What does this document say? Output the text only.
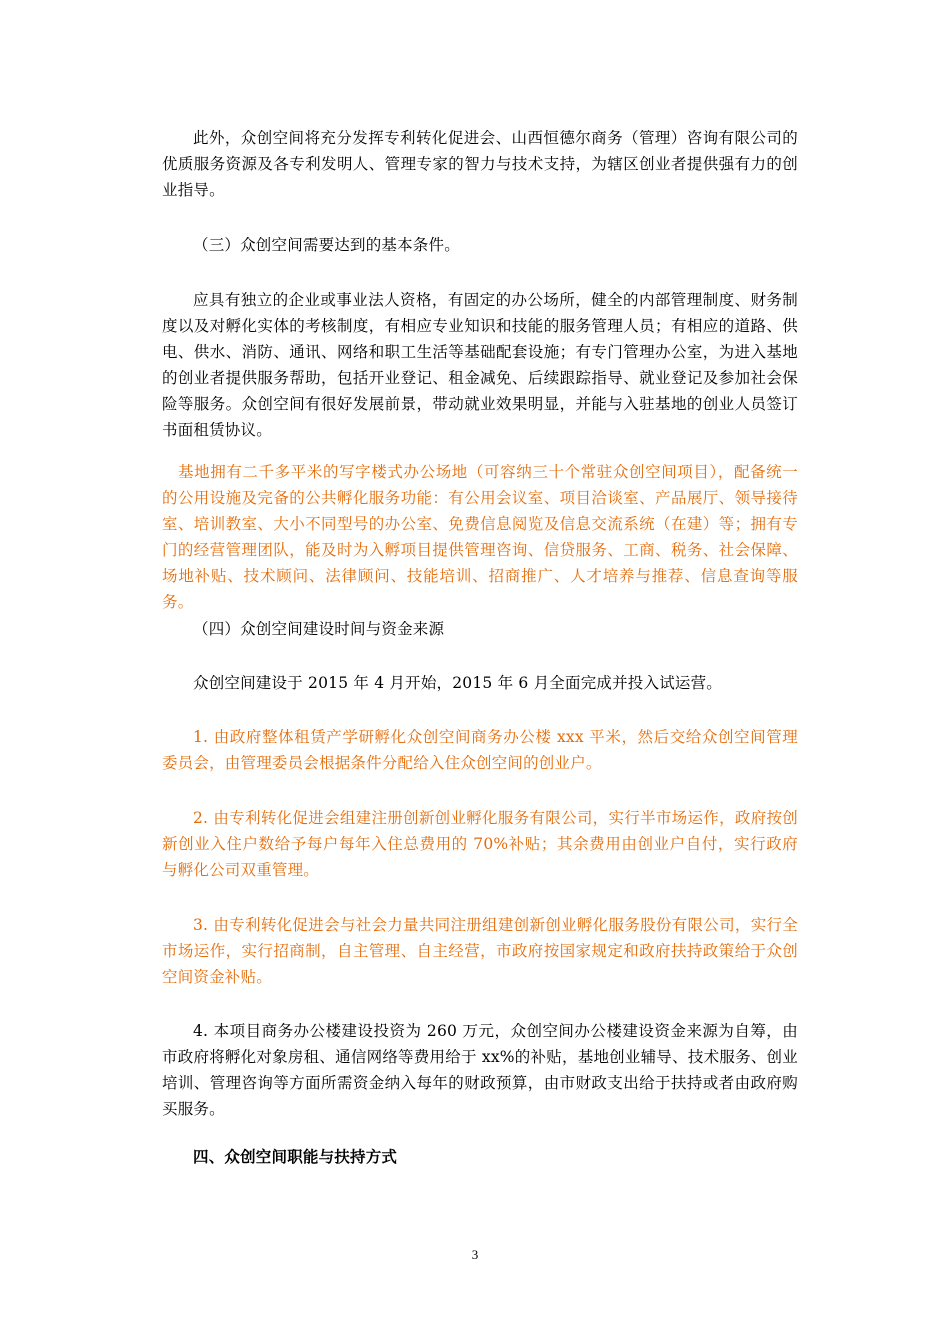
此外，众创空间将充分发挥专利转化促进会、山西恒德尔商务（管理）咨询有限公司的优质服务资源及各专利发明人、管理专家的智力与技术支持，为辖区创业者提供强有力的创业指导。

（三）众创空间需要达到的基本条件。

应具有独立的企业或事业法人资格，有固定的办公场所，健全的内部管理制度、财务制度以及对孵化实体的考核制度，有相应专业知识和技能的服务管理人员；有相应的道路、供电、供水、消防、通讯、网络和职工生活等基础配套设施；有专门管理办公室，为进入基地的创业者提供服务帮助，包括开业登记、租金减免、后续跟踪指导、就业登记及参加社会保险等服务。众创空间有很好发展前景，带动就业效果明显，并能与入驻基地的创业人员签订书面租赁协议。

基地拥有二千多平米的写字楼式办公场地（可容纳三十个常驻众创空间项目），配备统一的公用设施及完备的公共孵化服务功能：有公用会议室、项目洽谈室、产品展厅、领导接待室、培训教室、大小不同型号的办公室、免费信息阅览及信息交流系统（在建）等；拥有专门的经营管理团队，能及时为入孵项目提供管理咨询、信贷服务、工商、税务、社会保障、场地补贴、技术顾问、法律顾问、技能培训、招商推广、人才培养与推荐、信息查询等服务。

（四）众创空间建设时间与资金来源

众创空间建设于 2015 年 4 月开始，2015 年 6 月全面完成并投入试运营。

1. 由政府整体租赁产学研孵化众创空间商务办公楼 xxx 平米，然后交给众创空间管理委员会，由管理委员会根据条件分配给入住众创空间的创业户。

2. 由专利转化促进会组建注册创新创业孵化服务有限公司，实行半市场运作，政府按创新创业入住户数给予每户每年入住总费用的 70%补贴；其余费用由创业户自付，实行政府与孵化公司双重管理。

3. 由专利转化促进会与社会力量共同注册组建创新创业孵化服务股份有限公司，实行全市场运作，实行招商制，自主管理、自主经营，市政府按国家规定和政府扶持政策给于众创空间资金补贴。

4. 本项目商务办公楼建设投资为 260 万元，众创空间办公楼建设资金来源为自筹，由市政府将孵化对象房租、通信网络等费用给于 xx%的补贴，基地创业辅导、技术服务、创业培训、管理咨询等方面所需资金纳入每年的财政预算，由市财政支出给于扶持或者由政府购买服务。

四、众创空间职能与扶持方式

3
